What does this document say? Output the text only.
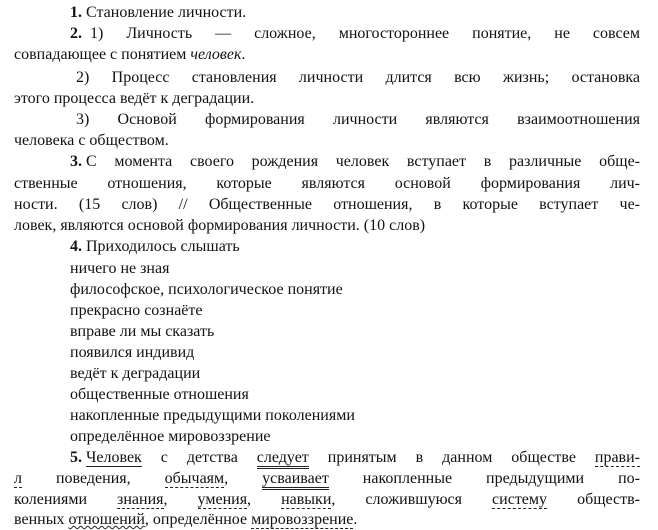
1. Становление личности.
2. 1) Личность — сложное, многостороннее понятие, не совсем
совпадающее с понятием человек.
2) Процесс становления личности длится всю жизнь; остановка
этого процесса ведёт к деградации.
3) Основой формирования личности являются взаимоотношения
человека с обществом.
3. С момента своего рождения человек вступает в различные обще-
ственные отношения, которые являются основой формирования лич-
ности. (15 слов) // Общественные отношения, в которые вступает че-
ловек, являются основой формирования личности. (10 слов)
4. Приходилось слышать
ничего не зная
философское, психологическое понятие
прекрасно сознаёте
вправе ли мы сказать
появился индивид
ведёт к деградации
общественные отношения
накопленные предыдущими поколениями
определённое мировоззрение
5. Человек с детства следует принятым в данном обществе прави-
л поведения, обычаям, усваивает накопленные предыдущими по-
колениями знания, умения, навыки, сложившуюся систему обществ-
венных отношений, определённое мировоззрение.
